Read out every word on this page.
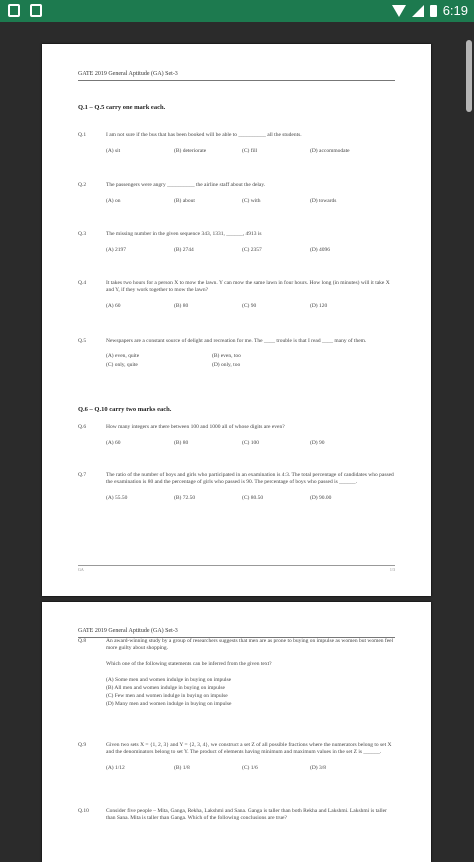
6:19
GATE 2019 General Aptitude (GA) Set-3
Q.1 – Q.5 carry one mark each.
Q.1	I am not sure if the bus that has been booked will be able to __________ all the students.
(A) sit	(B) deteriorate	(C) fill	(D) accommodate
Q.2	The passengers were angry __________ the airline staff about the delay.
(A) on	(B) about	(C) with	(D) towards
Q.3	The missing number in the given sequence 343, 1331, ______, 4913 is
(A) 2197	(B) 2744	(C) 2357	(D) 4096
Q.4	It takes two hours for a person X to mow the lawn. Y can mow the same lawn in four hours. How long (in minutes) will it take X and Y, if they work together to mow the lawn?
(A) 60	(B) 80	(C) 90	(D) 120
Q.5	Newspapers are a constant source of delight and recreation for me. The ____ trouble is that I read ____ many of them.
(A) even, quite	(B) even, too
(C) only, quite	(D) only, too
Q.6 – Q.10 carry two marks each.
Q.6	How many integers are there between 100 and 1000 all of whose digits are even?
(A) 60	(B) 80	(C) 100	(D) 90
Q.7	The ratio of the number of boys and girls who participated in an examination is 4:3. The total percentage of candidates who passed the examination is 80 and the percentage of girls who passed is 90. The percentage of boys who passed is ______.
(A) 55.50	(B) 72.50	(C) 80.50	(D) 90.00
GA	1/3
GATE 2019 General Aptitude (GA) Set-3
Q.8	An award-winning study by a group of researchers suggests that men are as prone to buying on impulse as women but women feel more guilty about shopping.
Which one of the following statements can be inferred from the given text?
(A) Some men and women indulge in buying on impulse
(B) All men and women indulge in buying on impulse
(C) Few men and women indulge in buying on impulse
(D) Many men and women indulge in buying on impulse
Q.9	Given two sets X = {1, 2, 3} and Y = {2, 3, 4}, we construct a set Z of all possible fractions where the numerators belong to set X and the denominators belong to set Y. The product of elements having minimum and maximum values in the set Z is ______.
(A) 1/12	(B) 1/8	(C) 1/6	(D) 3/8
Q.10	Consider five people – Mita, Ganga, Rekha, Lakshmi and Sana. Ganga is taller than both Rekha and Lakshmi. Lakshmi is taller than Sana. Mita is taller than Ganga. Which of the following conclusions are true?
